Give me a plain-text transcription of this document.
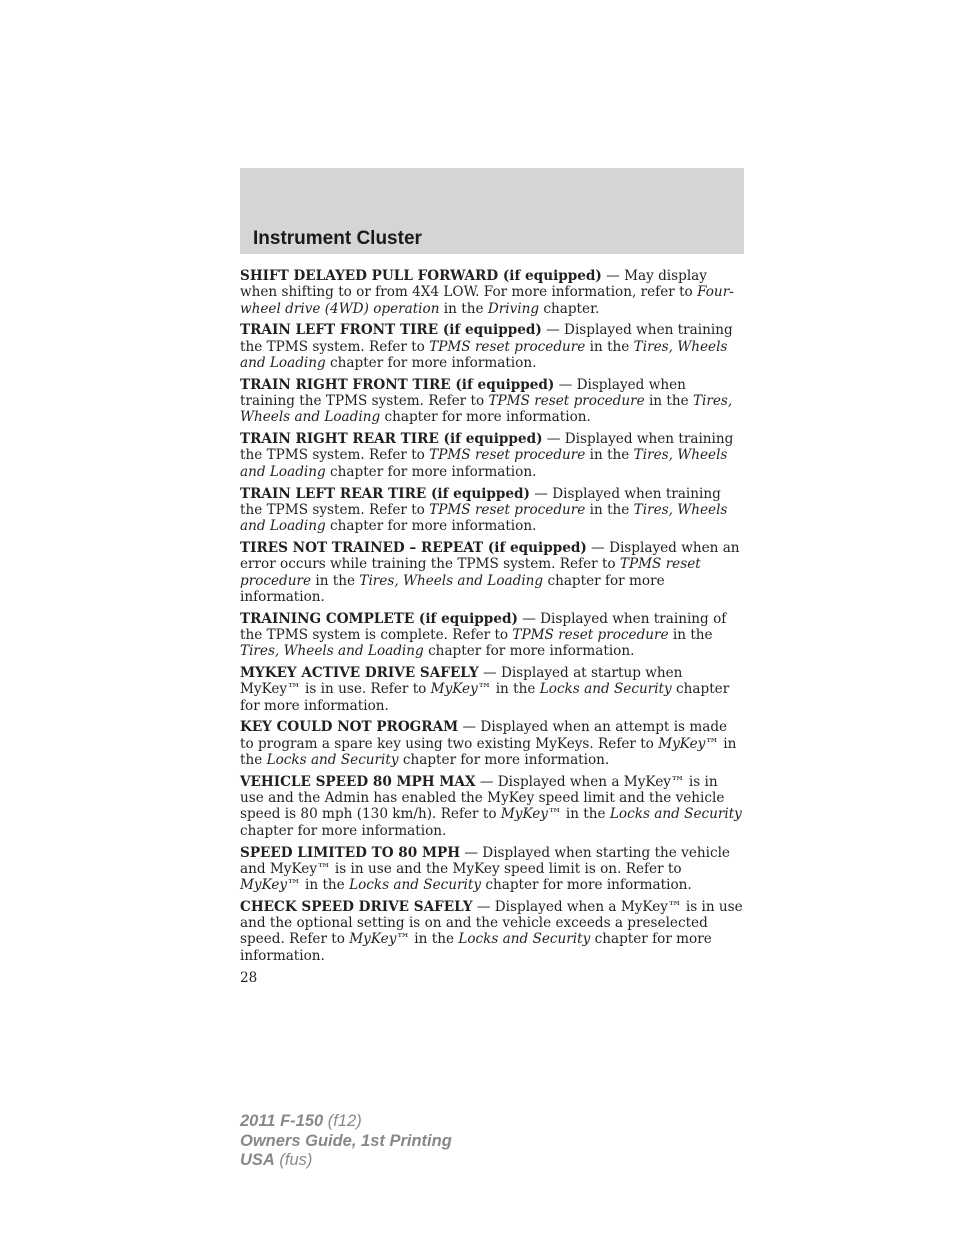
Instrument Cluster

SHIFT DELAYED PULL FORWARD (if equipped) — May display when shifting to or from 4X4 LOW. For more information, refer to Four-wheel drive (4WD) operation in the Driving chapter.

TRAIN LEFT FRONT TIRE (if equipped) — Displayed when training the TPMS system. Refer to TPMS reset procedure in the Tires, Wheels and Loading chapter for more information.

TRAIN RIGHT FRONT TIRE (if equipped) — Displayed when training the TPMS system. Refer to TPMS reset procedure in the Tires, Wheels and Loading chapter for more information.

TRAIN RIGHT REAR TIRE (if equipped) — Displayed when training the TPMS system. Refer to TPMS reset procedure in the Tires, Wheels and Loading chapter for more information.

TRAIN LEFT REAR TIRE (if equipped) — Displayed when training the TPMS system. Refer to TPMS reset procedure in the Tires, Wheels and Loading chapter for more information.

TIRES NOT TRAINED – REPEAT (if equipped) — Displayed when an error occurs while training the TPMS system. Refer to TPMS reset procedure in the Tires, Wheels and Loading chapter for more information.

TRAINING COMPLETE (if equipped) — Displayed when training of the TPMS system is complete. Refer to TPMS reset procedure in the Tires, Wheels and Loading chapter for more information.

MYKEY ACTIVE DRIVE SAFELY — Displayed at startup when MyKey™ is in use. Refer to MyKey™ in the Locks and Security chapter for more information.

KEY COULD NOT PROGRAM — Displayed when an attempt is made to program a spare key using two existing MyKeys. Refer to MyKey™ in the Locks and Security chapter for more information.

VEHICLE SPEED 80 MPH MAX — Displayed when a MyKey™ is in use and the Admin has enabled the MyKey speed limit and the vehicle speed is 80 mph (130 km/h). Refer to MyKey™ in the Locks and Security chapter for more information.

SPEED LIMITED TO 80 MPH — Displayed when starting the vehicle and MyKey™ is in use and the MyKey speed limit is on. Refer to MyKey™ in the Locks and Security chapter for more information.

CHECK SPEED DRIVE SAFELY — Displayed when a MyKey™ is in use and the optional setting is on and the vehicle exceeds a preselected speed. Refer to MyKey™ in the Locks and Security chapter for more information.

28
2011 F-150 (f12)
Owners Guide, 1st Printing
USA (fus)
